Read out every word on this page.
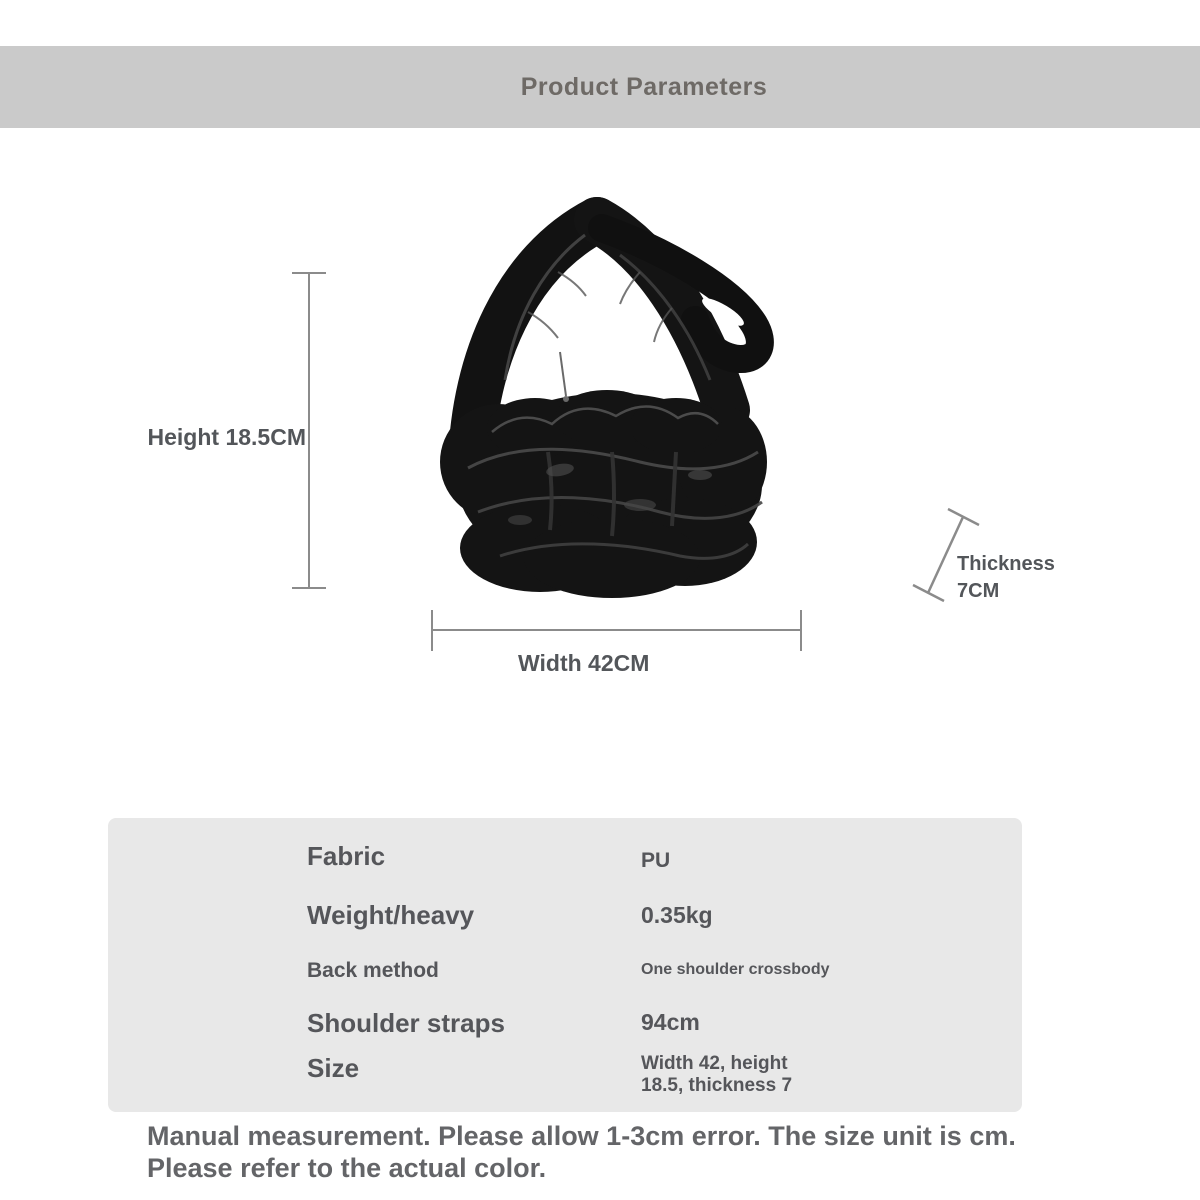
Product Parameters
Height 18.5CM
Width 42CM
Thickness 7CM
Fabric	PU
Weight/heavy	0.35kg
Back method	One shoulder crossbody
Shoulder straps	94cm
Size	Width 42, height 18.5, thickness 7
Manual measurement. Please allow 1-3cm error. The size unit is cm.
Please refer to the actual color.
